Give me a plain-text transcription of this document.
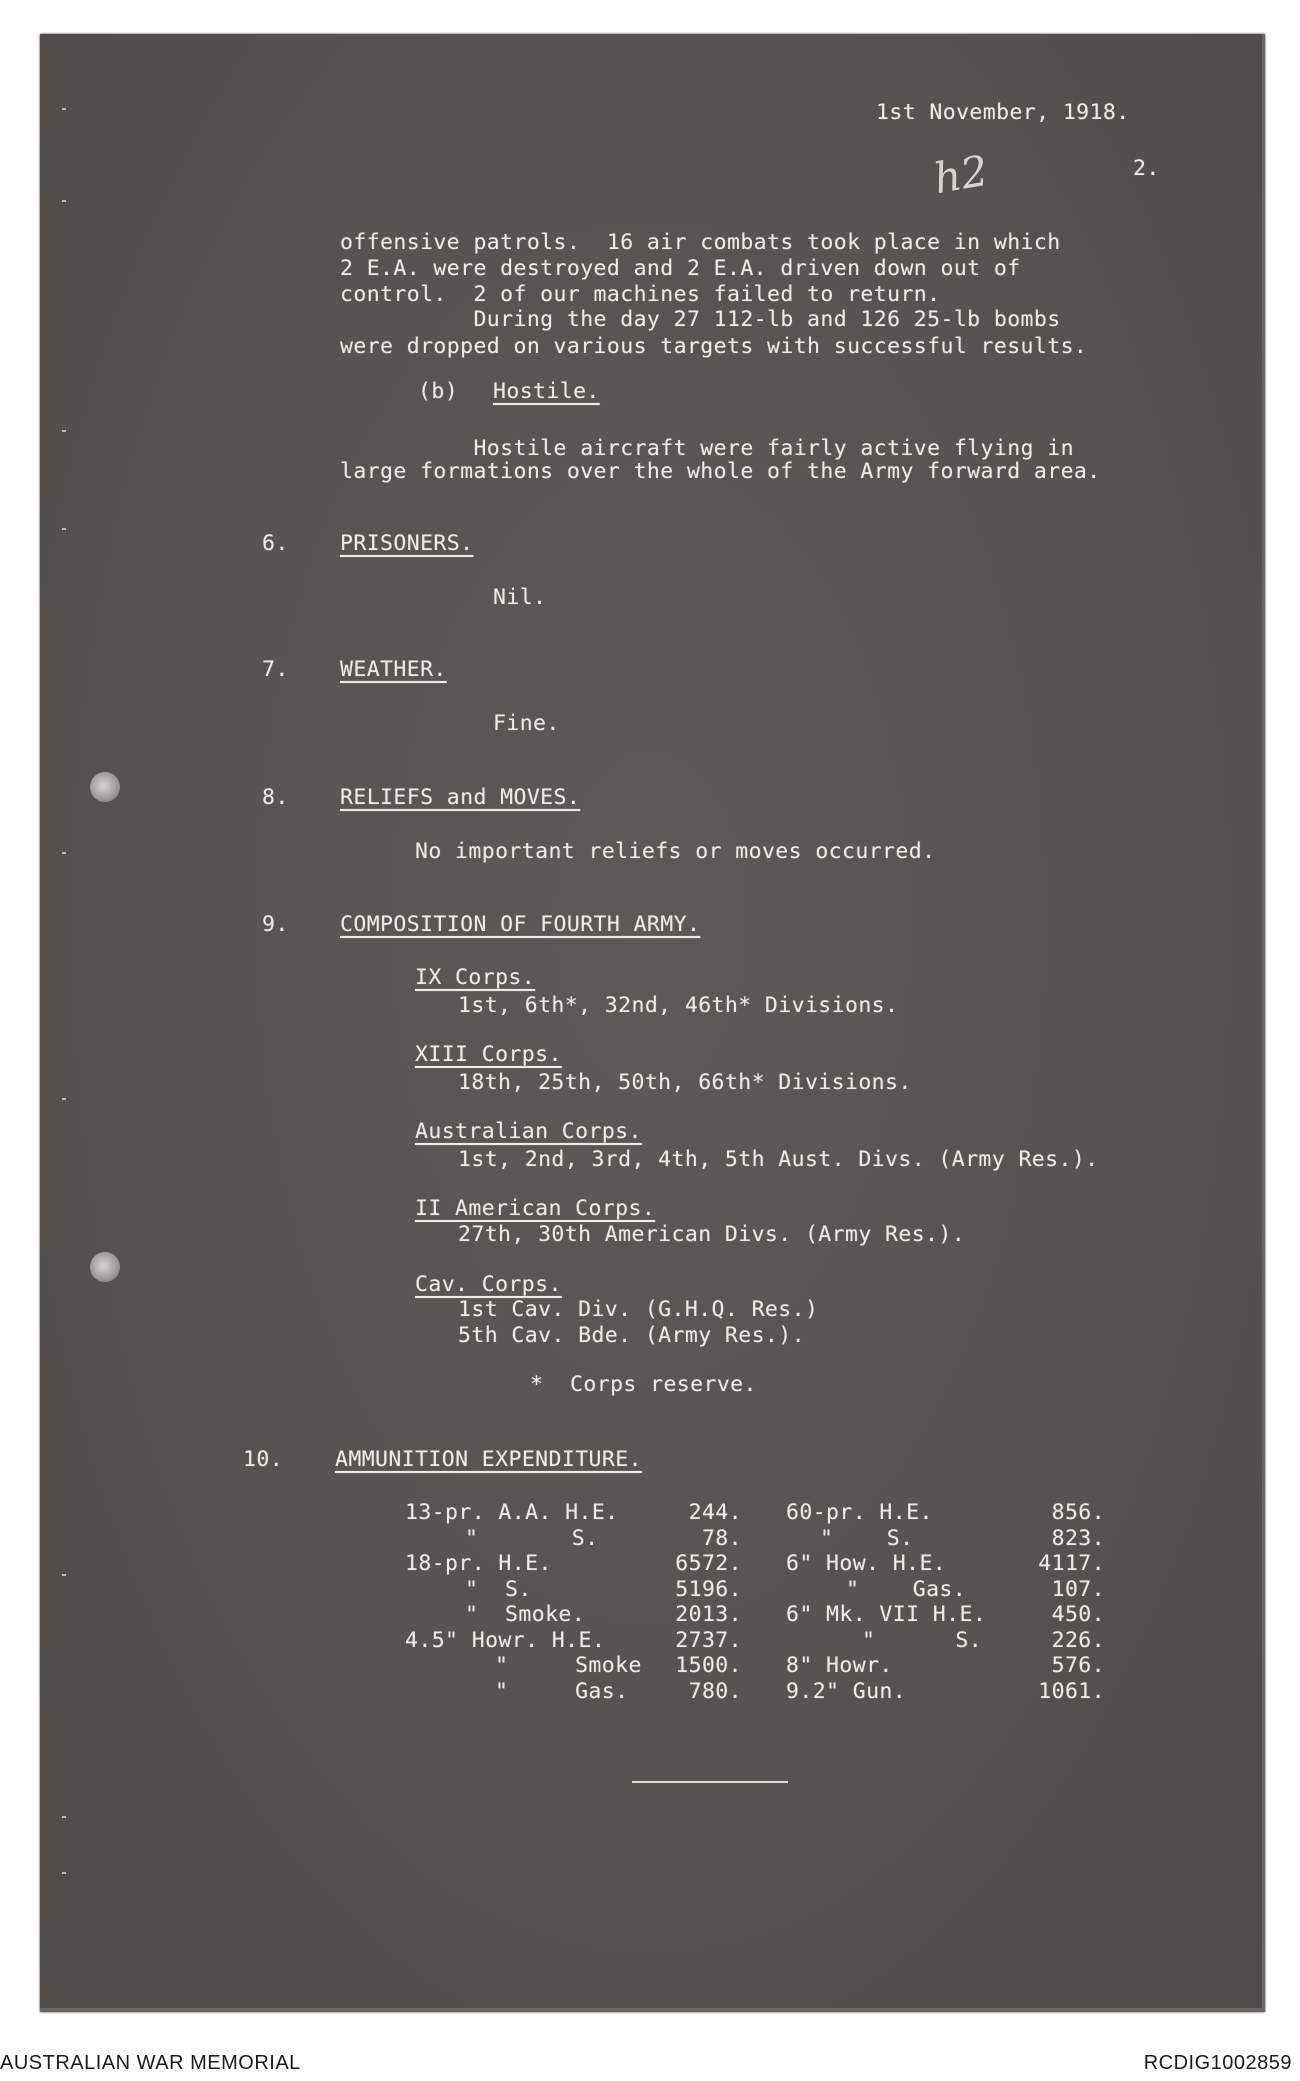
1st November, 1918.
2.
h2
offensive patrols.  16 air combats took place in which
2 E.A. were destroyed and 2 E.A. driven down out of
control.  2 of our machines failed to return.
During the day 27 112-lb and 126 25-lb bombs
were dropped on various targets with successful results.
(b) Hostile.
Hostile aircraft were fairly active flying in
large formations over the whole of the Army forward area.
6. PRISONERS.
Nil.
7. WEATHER.
Fine.
8. RELIEFS and MOVES.
No important reliefs or moves occurred.
9. COMPOSITION OF FOURTH ARMY.
IX Corps.
1st, 6th*, 32nd, 46th* Divisions.
XIII Corps.
18th, 25th, 50th, 66th* Divisions.
Australian Corps.
1st, 2nd, 3rd, 4th, 5th Aust. Divs. (Army Res.).
II American Corps.
27th, 30th American Divs. (Army Res.).
Cav. Corps.
1st Cav. Div. (G.H.Q. Res.)
5th Cav. Bde. (Army Res.).
*  Corps reserve.
10. AMMUNITION EXPENDITURE.
13-pr. A.A. H.E.	244. 60-pr. H.E.	856.
"       S.	78.	"    S.	823.
18-pr. H.E.	6572. 6" How. H.E.	4117.
"  S.	5196.	"    Gas.	107.
"  Smoke.	2013. 6" Mk. VII H.E.	450.
4.5" Howr. H.E.	2737.	"      S.	226.
"     Smoke 1500. 8" Howr.	576.
"     Gas.	780. 9.2" Gun.	1061.
AUSTRALIAN WAR MEMORIAL	RCDIG1002859
